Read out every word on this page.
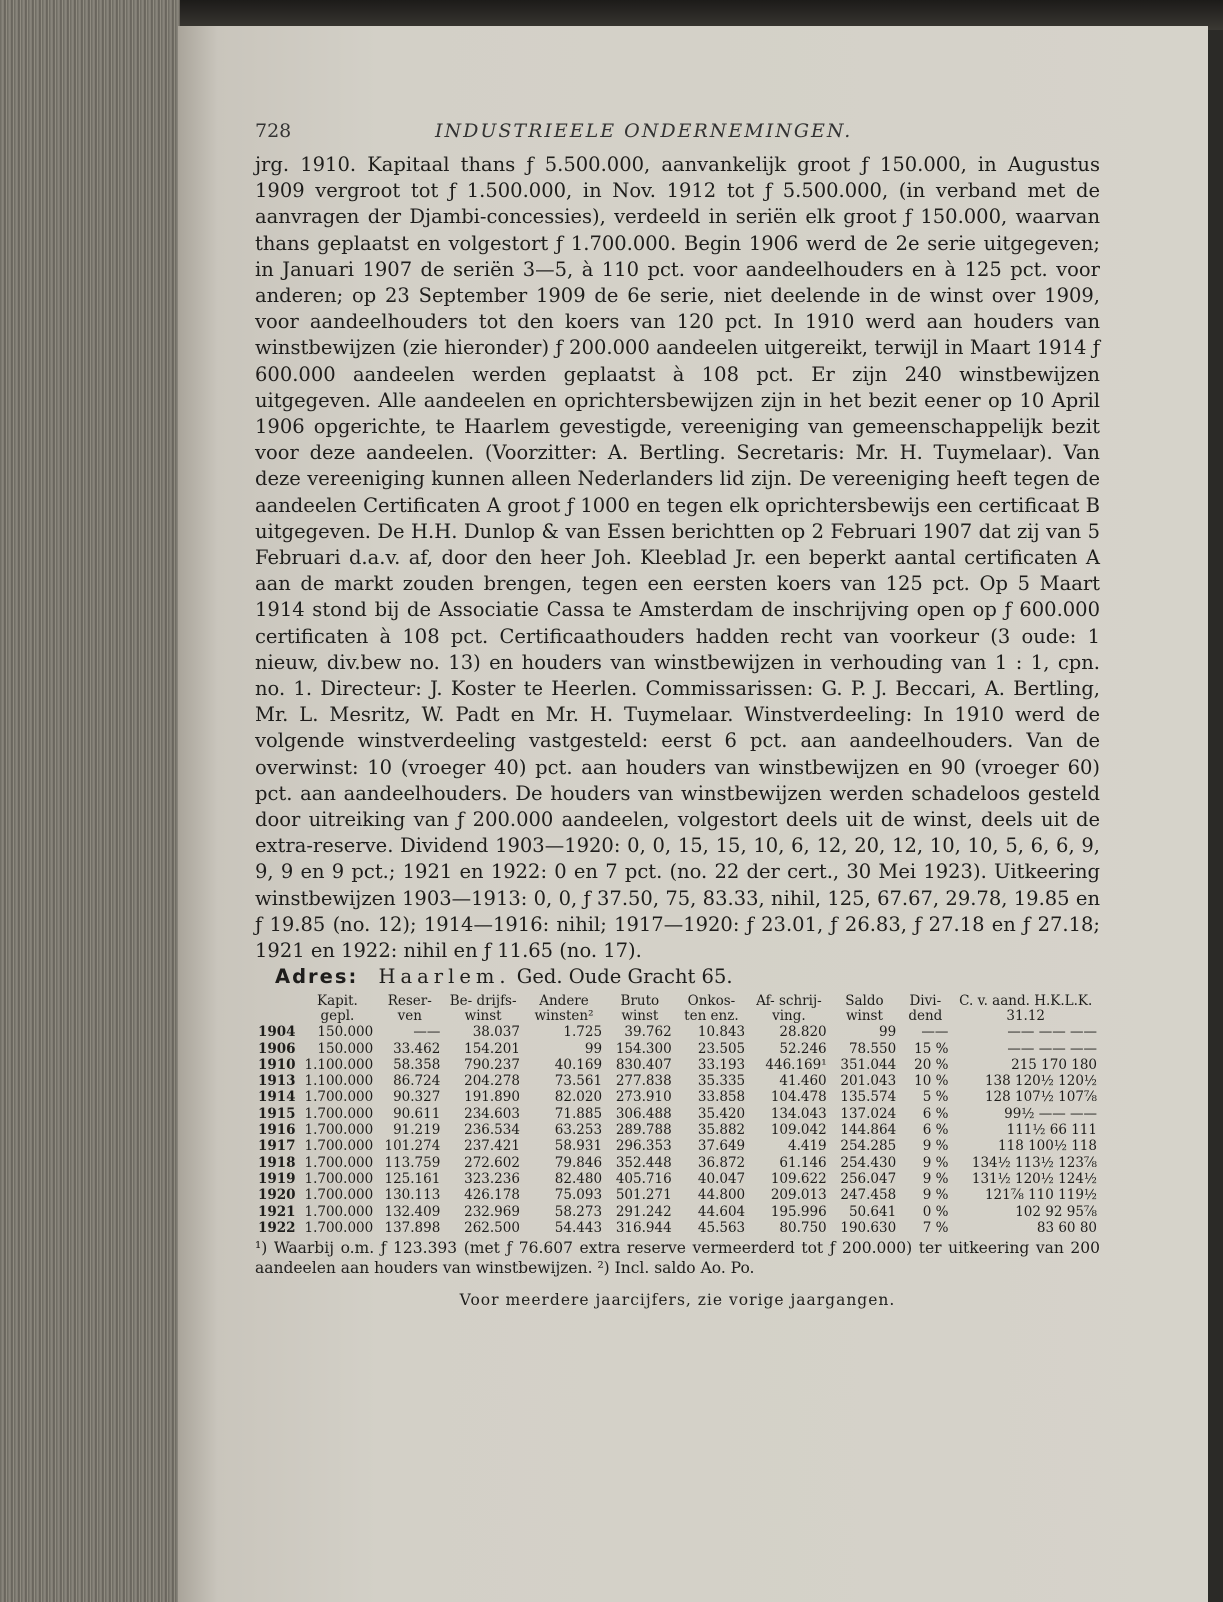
728	INDUSTRIEELE ONDERNEMINGEN.

jrg. 1910. Kapitaal thans ƒ 5.500.000, aanvankelijk groot ƒ 150.000, in Augustus 1909 vergroot tot ƒ 1.500.000, in Nov. 1912 tot ƒ 5.500.000, (in verband met de aanvragen der Djambi-concessies), verdeeld in seriën elk groot ƒ 150.000, waarvan thans geplaatst en volgestort ƒ 1.700.000. Begin 1906 werd de 2e serie uitgegeven; in Januari 1907 de seriën 3—5, à 110 pct. voor aandeelhouders en à 125 pct. voor anderen; op 23 September 1909 de 6e serie, niet deelende in de winst over 1909, voor aandeelhouders tot den koers van 120 pct. In 1910 werd aan houders van winstbewijzen (zie hieronder) ƒ 200.000 aandeelen uitgereikt, terwijl in Maart 1914 ƒ 600.000 aandeelen werden geplaatst à 108 pct. Er zijn 240 winstbewijzen uitgegeven. Alle aandeelen en oprichtersbewijzen zijn in het bezit eener op 10 April 1906 opgerichte, te Haarlem gevestigde, vereeniging van gemeenschappelijk bezit voor deze aandeelen. (Voorzitter: A. Bertling. Secretaris: Mr. H. Tuymelaar). Van deze vereeniging kunnen alleen Nederlanders lid zijn. De vereeniging heeft tegen de aandeelen Certificaten A groot ƒ 1000 en tegen elk oprichtersbewijs een certificaat B uitgegeven. De H.H. Dunlop & van Essen berichtten op 2 Februari 1907 dat zij van 5 Februari d.a.v. af, door den heer Joh. Kleeblad Jr. een beperkt aantal certificaten A aan de markt zouden brengen, tegen een eersten koers van 125 pct. Op 5 Maart 1914 stond bij de Associatie Cassa te Amsterdam de inschrijving open op ƒ 600.000 certificaten à 108 pct. Certificaathouders hadden recht van voorkeur (3 oude: 1 nieuw, div.bew no. 13) en houders van winstbewijzen in verhouding van 1 : 1, cpn. no. 1. Directeur: J. Koster te Heerlen. Commissarissen: G. P. J. Beccari, A. Bertling, Mr. L. Mesritz, W. Padt en Mr. H. Tuymelaar. Winstverdeeling: In 1910 werd de volgende winstverdeeling vastgesteld: eerst 6 pct. aan aandeelhouders. Van de overwinst: 10 (vroeger 40) pct. aan houders van winstbewijzen en 90 (vroeger 60) pct. aan aandeelhouders. De houders van winstbewijzen werden schadeloos gesteld door uitreiking van ƒ 200.000 aandeelen, volgestort deels uit de winst, deels uit de extra-reserve. Dividend 1903—1920: 0, 0, 15, 15, 10, 6, 12, 20, 12, 10, 10, 5, 6, 6, 9, 9, 9 en 9 pct.; 1921 en 1922: 0 en 7 pct. (no. 22 der cert., 30 Mei 1923). Uitkeering winstbewijzen 1903—1913: 0, 0, ƒ 37.50, 75, 83.33, nihil, 125, 67.67, 29.78, 19.85 en ƒ 19.85 (no. 12); 1914—1916: nihil; 1917—1920: ƒ 23.01, ƒ 26.83, ƒ 27.18 en ƒ 27.18; 1921 en 1922: nihil en ƒ 11.65 (no. 17).

Adres: Haarlem. Ged. Oude Gracht 65.
	Kapit. gepl.	Reser- ven	Be- drijfs- winst	Andere winsten²	Bruto winst	Onkos- ten enz.	Af- schrij- ving.	Saldo winst	Divi- dend	C. v. aand. H.K.L.K. 31.12
1904	150.000	——	38.037	1.725	39.762	10.843	28.820	99	——	—— —— ——
1906	150.000	33.462	154.201	99	154.300	23.505	52.246	78.550	15 %	—— —— ——
1910	1.100.000	58.358	790.237	40.169	830.407	33.193	446.169¹	351.044	20 %	215 170 180
1913	1.100.000	86.724	204.278	73.561	277.838	35.335	41.460	201.043	10 %	138 120½ 120½
1914	1.700.000	90.327	191.890	82.020	273.910	33.858	104.478	135.574	5 %	128 107½ 107⅞
1915	1.700.000	90.611	234.603	71.885	306.488	35.420	134.043	137.024	6 %	99½ —— ——
1916	1.700.000	91.219	236.534	63.253	289.788	35.882	109.042	144.864	6 %	111½ 66 111
1917	1.700.000	101.274	237.421	58.931	296.353	37.649	4.419	254.285	9 %	118 100½ 118
1918	1.700.000	113.759	272.602	79.846	352.448	36.872	61.146	254.430	9 %	134½ 113½ 123⅞
1919	1.700.000	125.161	323.236	82.480	405.716	40.047	109.622	256.047	9 %	131½ 120½ 124½
1920	1.700.000	130.113	426.178	75.093	501.271	44.800	209.013	247.458	9 %	121⅞ 110 119½
1921	1.700.000	132.409	232.969	58.273	291.242	44.604	195.996	50.641	0 %	102 92 95⅞
1922	1.700.000	137.898	262.500	54.443	316.944	45.563	80.750	190.630	7 %	83 60 80
¹) Waarbij o.m. ƒ 123.393 (met ƒ 76.607 extra reserve vermeerderd tot ƒ 200.000) ter uitkeering van 200 aandeelen aan houders van winstbewijzen. ²) Incl. saldo Ao. Po.
Voor meerdere jaarcijfers, zie vorige jaargangen.
